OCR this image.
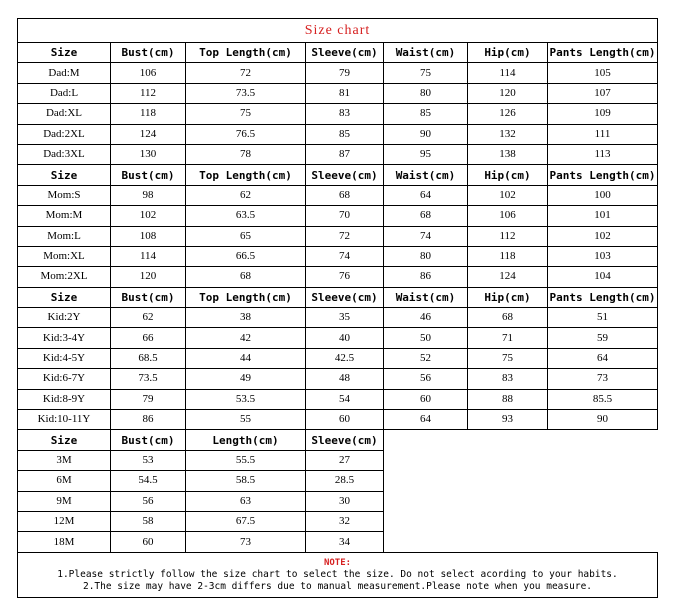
Size chart						
Size	Bust(cm)	Top Length(cm)	Sleeve(cm)	Waist(cm)	Hip(cm)	Pants Length(cm)
Dad:M	106	72	79	75	114	105
Dad:L	112	73.5	81	80	120	107
Dad:XL	118	75	83	85	126	109
Dad:2XL	124	76.5	85	90	132	111
Dad:3XL	130	78	87	95	138	113
Size	Bust(cm)	Top Length(cm)	Sleeve(cm)	Waist(cm)	Hip(cm)	Pants Length(cm)
Mom:S	98	62	68	64	102	100
Mom:M	102	63.5	70	68	106	101
Mom:L	108	65	72	74	112	102
Mom:XL	114	66.5	74	80	118	103
Mom:2XL	120	68	76	86	124	104
Size	Bust(cm)	Top Length(cm)	Sleeve(cm)	Waist(cm)	Hip(cm)	Pants Length(cm)
Kid:2Y	62	38	35	46	68	51
Kid:3-4Y	66	42	40	50	71	59
Kid:4-5Y	68.5	44	42.5	52	75	64
Kid:6-7Y	73.5	49	48	56	83	73
Kid:8-9Y	79	53.5	54	60	88	85.5
Kid:10-11Y	86	55	60	64	93	90
Size	Bust(cm)	Length(cm)	Sleeve(cm)			
3M	53	55.5	27			
6M	54.5	58.5	28.5			
9M	56	63	30			
12M	58	67.5	32			
18M	60	73	34			

NOTE:
1.Please strictly follow the size chart to select the size. Do not select acording to your habits.
2.The size may have 2-3cm differs due to manual measurement.Please note when you measure.						
